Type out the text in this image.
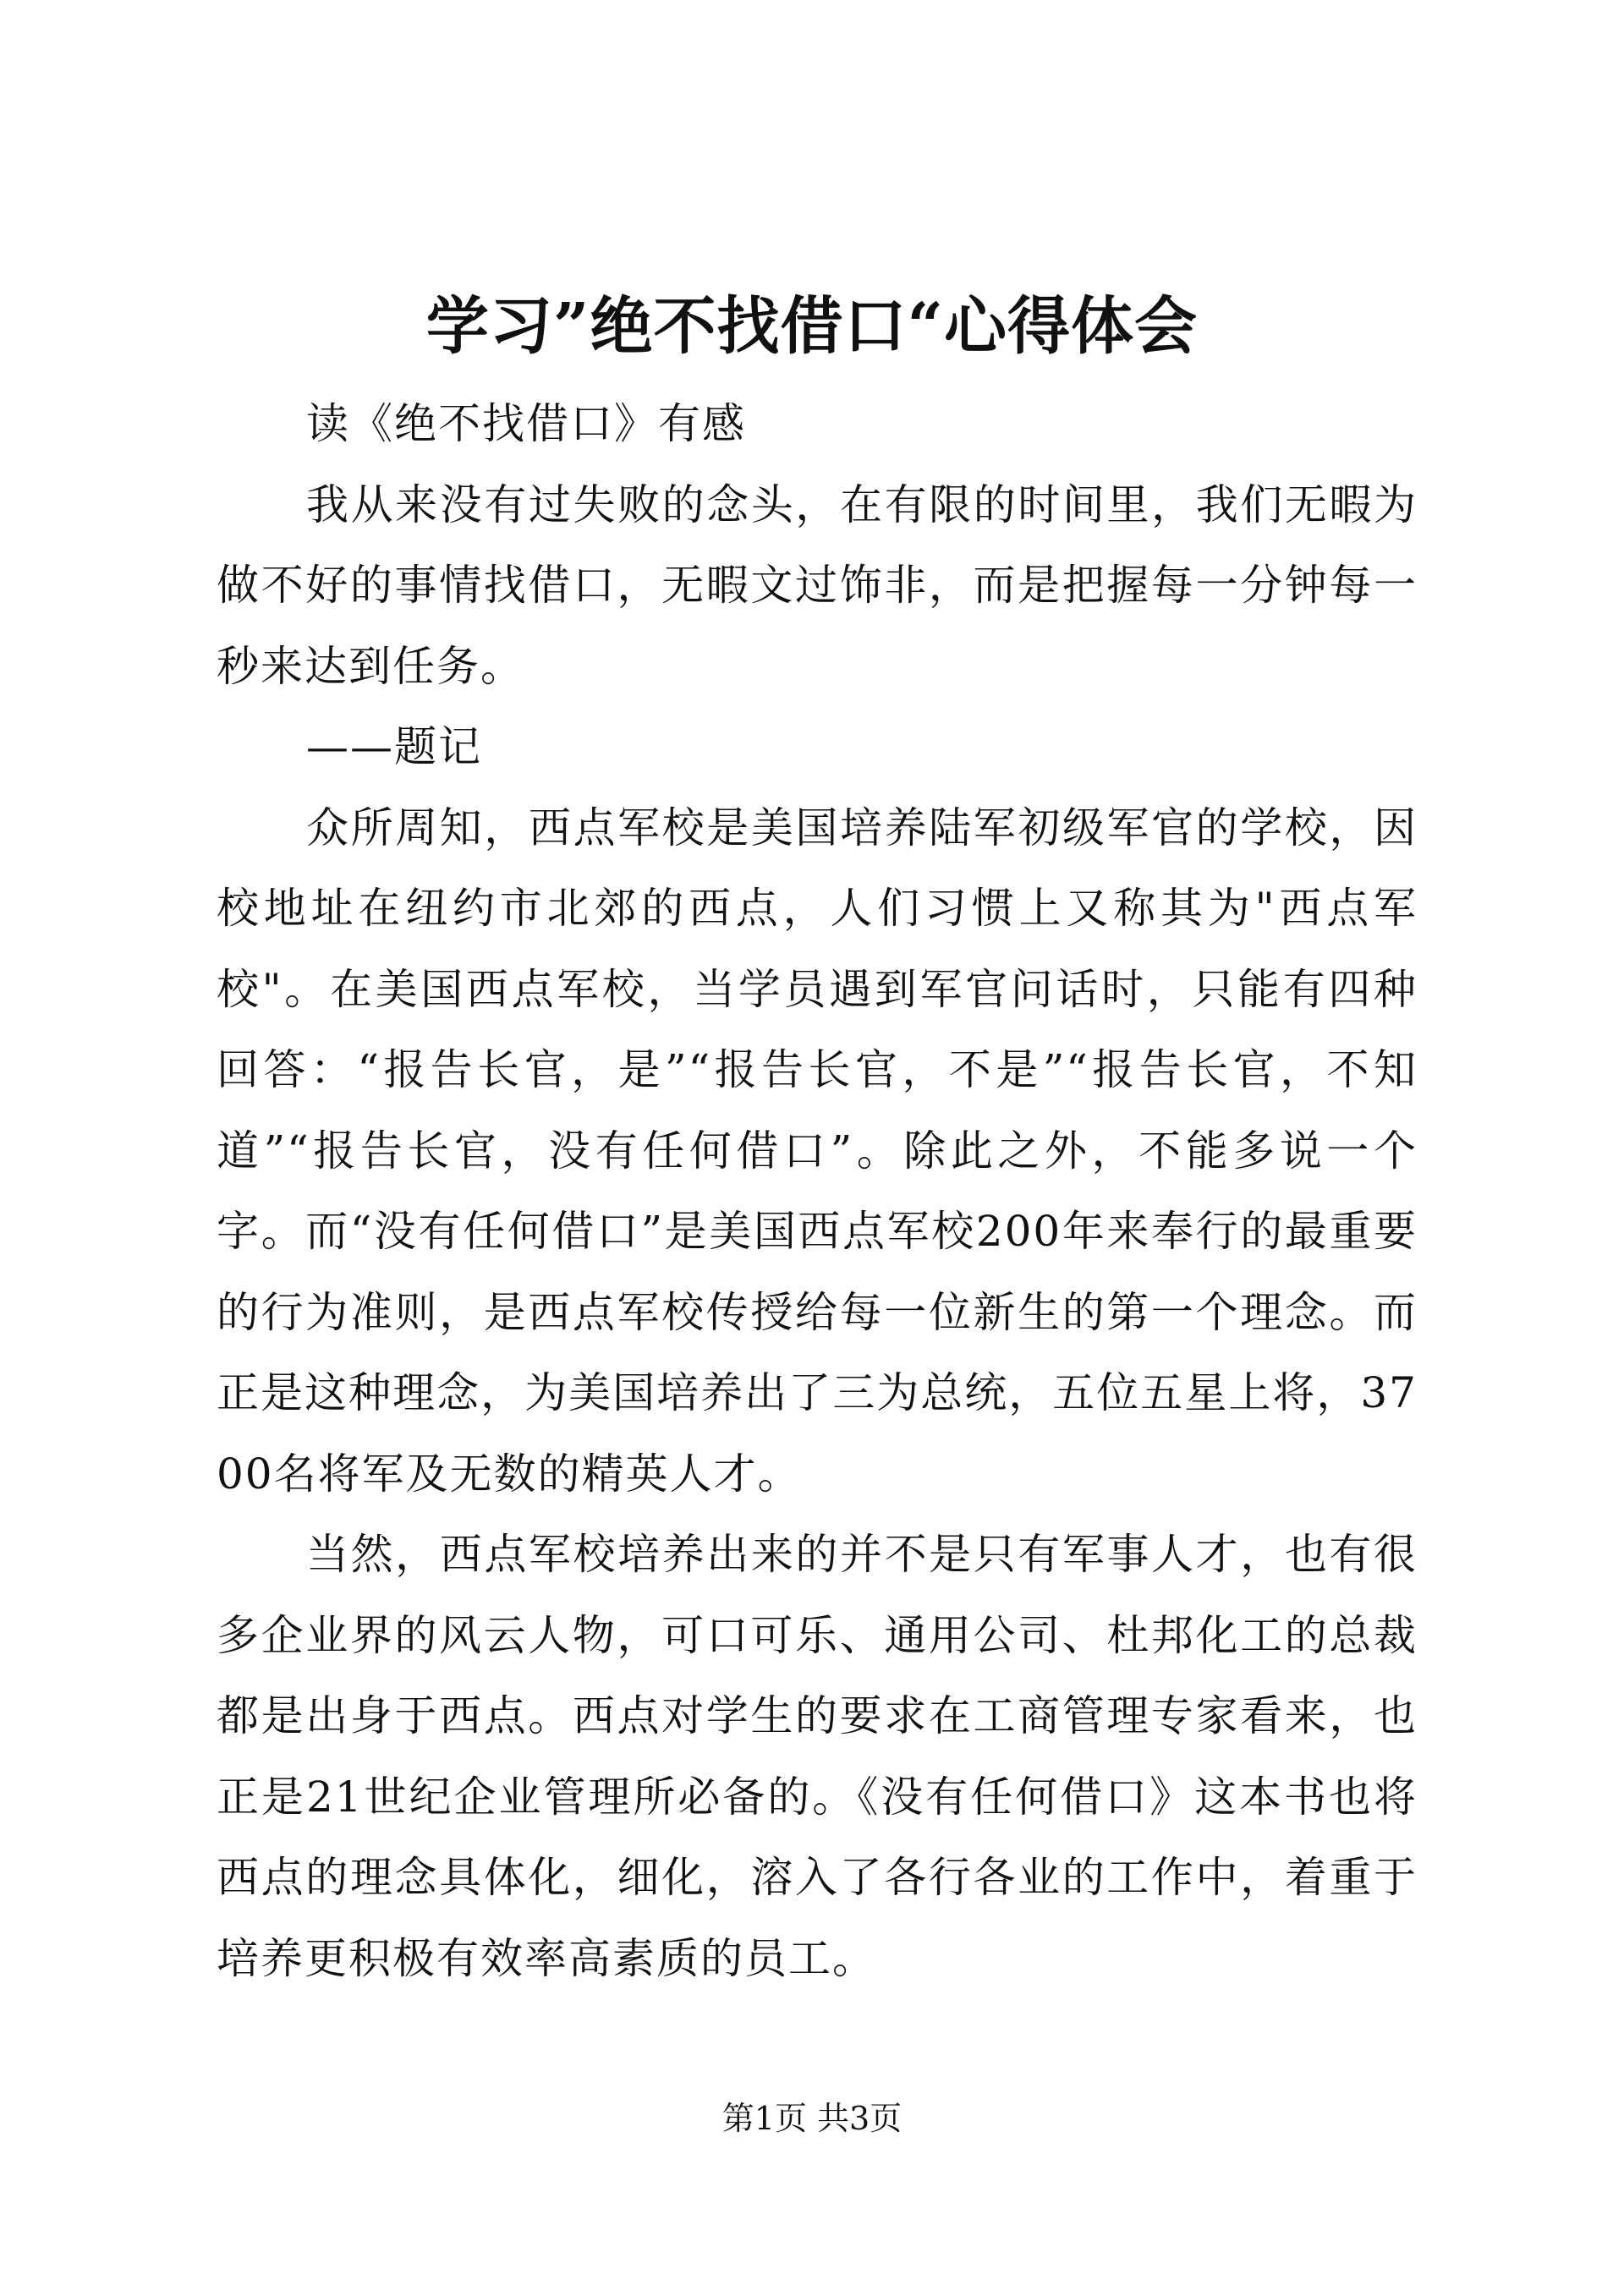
学习”绝不找借口“心得体会

读《绝不找借口》有感

我从来没有过失败的念头，在有限的时间里，我们无暇为做不好的事情找借口，无暇文过饰非，而是把握每一分钟每一秒来达到任务。

——题记

众所周知，西点军校是美国培养陆军初级军官的学校，因校地址在纽约市北郊的西点，人们习惯上又称其为"西点军校"。在美国西点军校，当学员遇到军官问话时，只能有四种回答：“报告长官，是”“报告长官，不是”“报告长官，不知道”“报告长官，没有任何借口”。除此之外，不能多说一个字。而“没有任何借口”是美国西点军校200年来奉行的最重要的行为准则，是西点军校传授给每一位新生的第一个理念。而正是这种理念，为美国培养出了三为总统，五位五星上将，3700名将军及无数的精英人才。

当然，西点军校培养出来的并不是只有军事人才，也有很多企业界的风云人物，可口可乐、通用公司、杜邦化工的总裁都是出身于西点。西点对学生的要求在工商管理专家看来，也正是21世纪企业管理所必备的。《没有任何借口》这本书也将西点的理念具体化，细化，溶入了各行各业的工作中，着重于培养更积极有效率高素质的员工。

第1页 共3页
